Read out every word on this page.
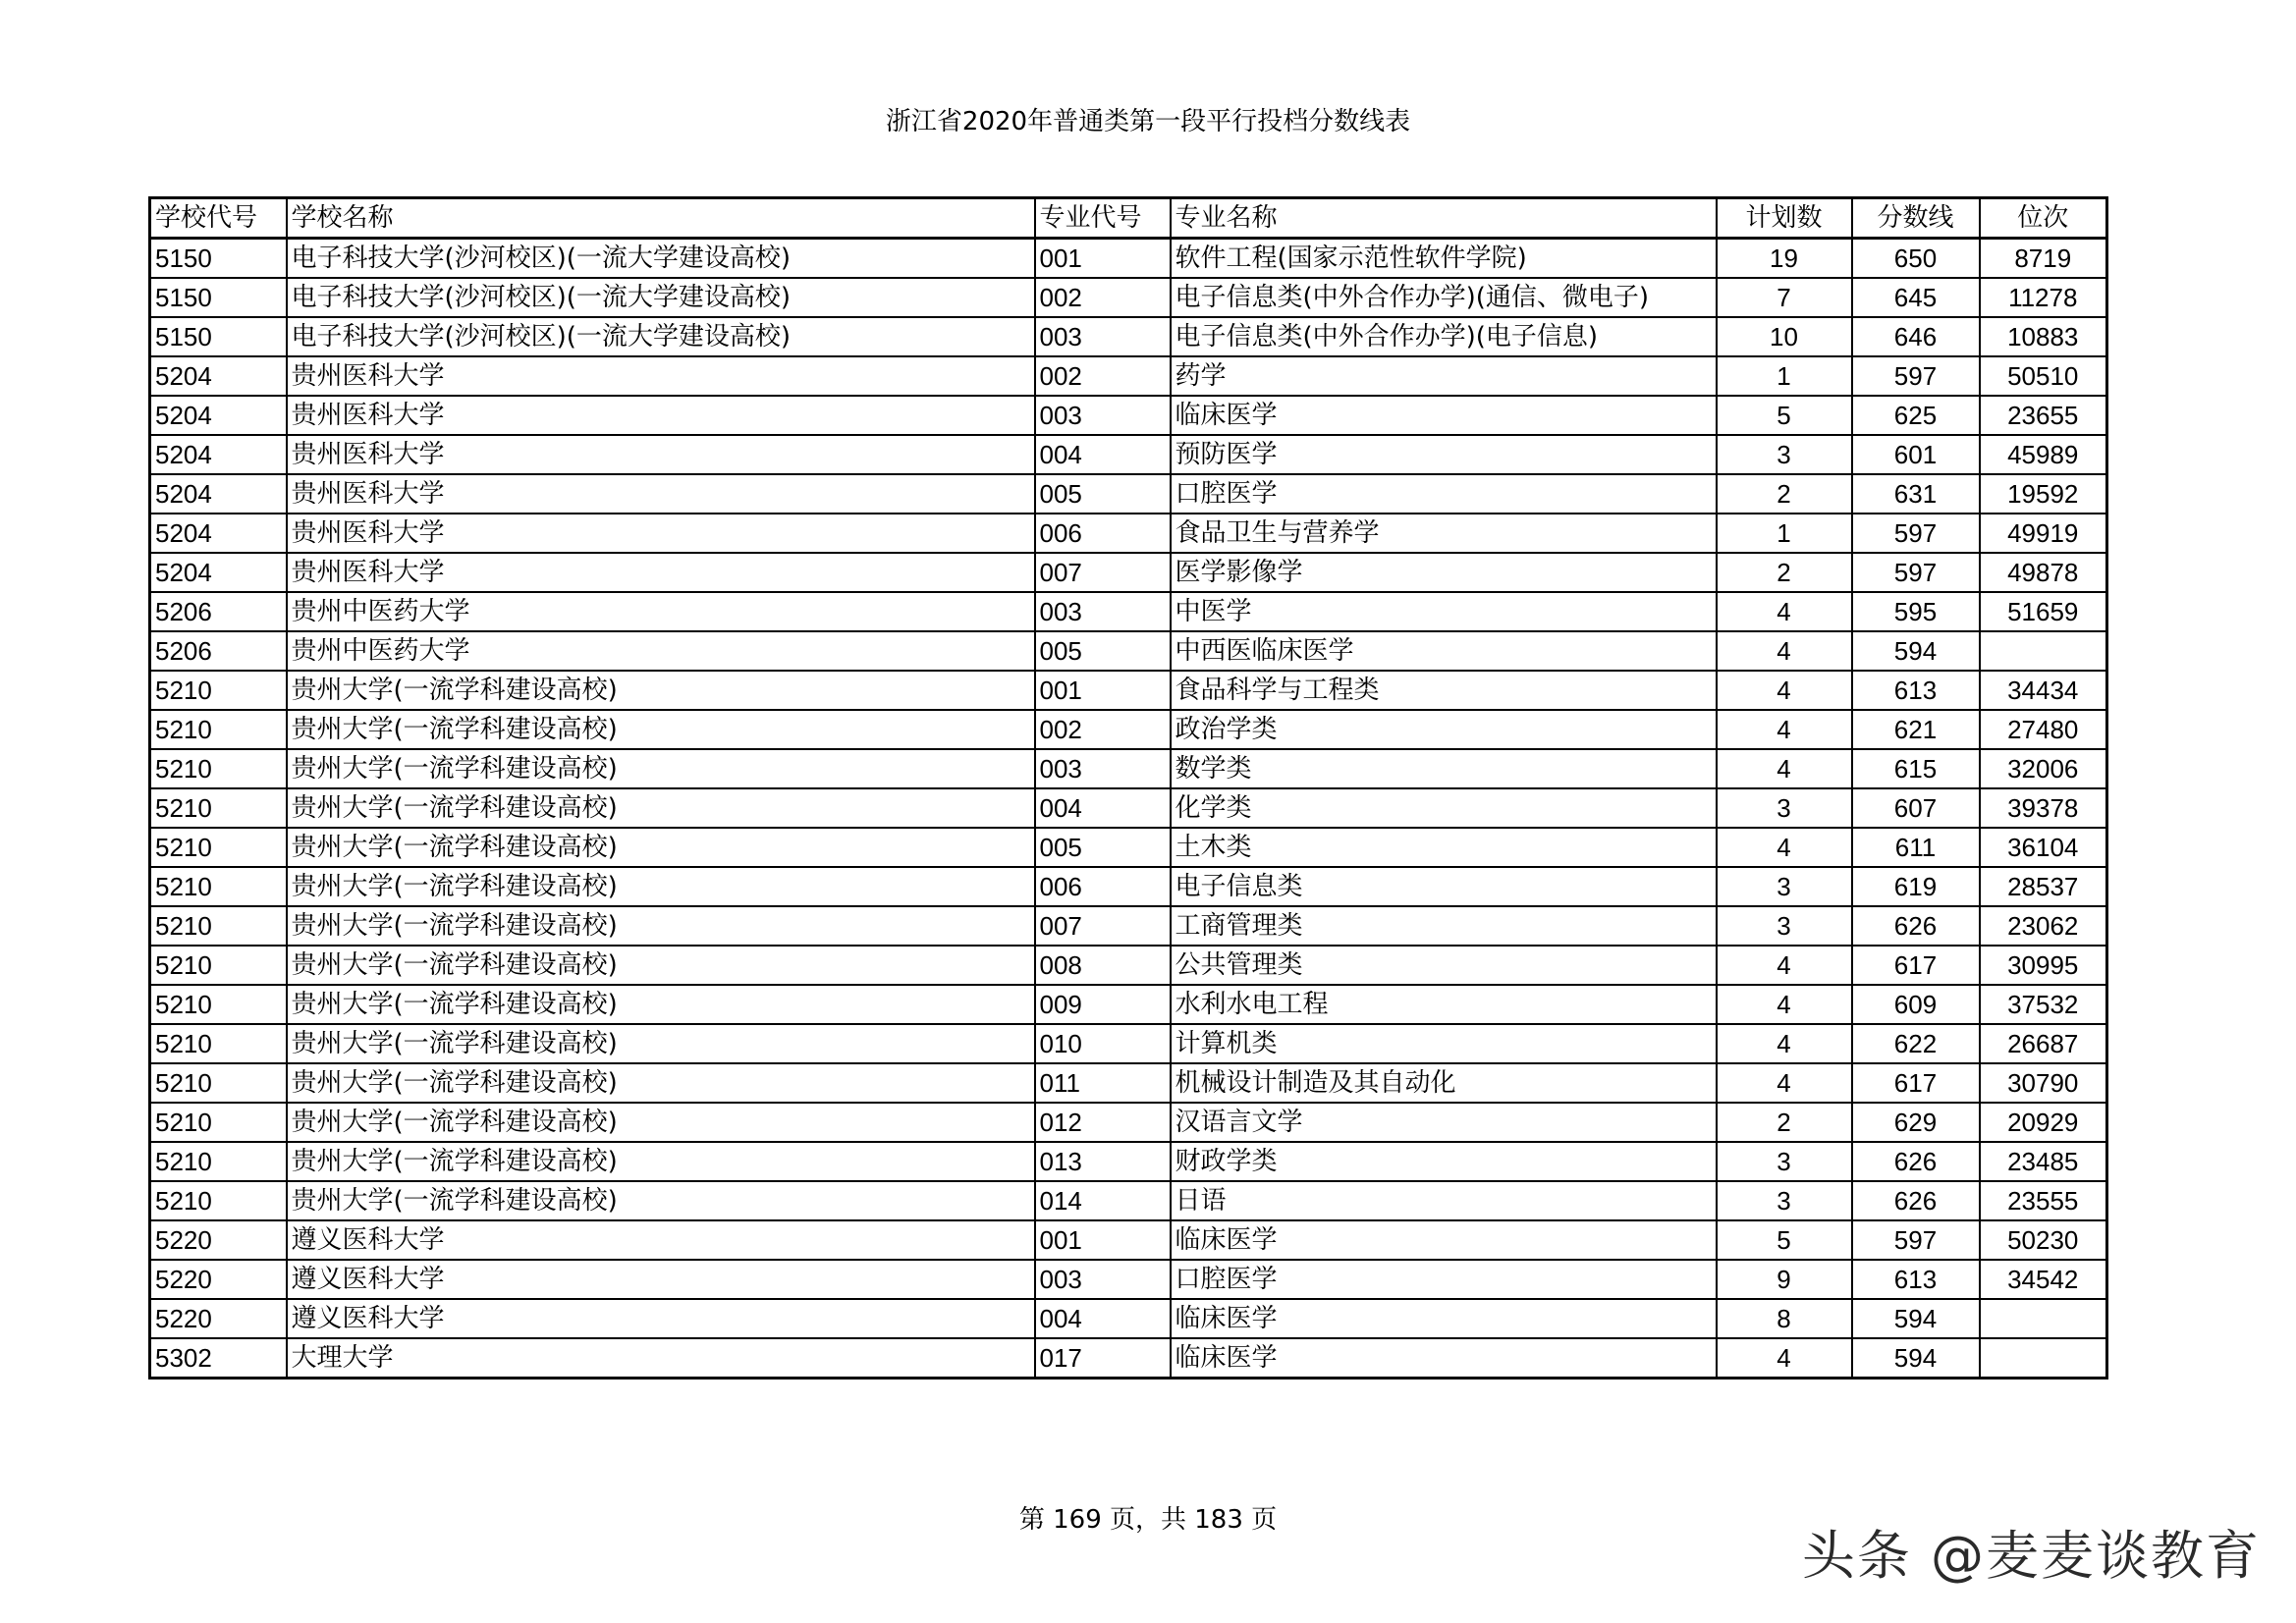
浙江省2020年普通类第一段平行投档分数线表
学校代号	学校名称	专业代号	专业名称	计划数	分数线	位次
5150	电子科技大学(沙河校区)(一流大学建设高校)	001	软件工程(国家示范性软件学院)	19	650	8719
5150	电子科技大学(沙河校区)(一流大学建设高校)	002	电子信息类(中外合作办学)(通信、微电子)	7	645	11278
5150	电子科技大学(沙河校区)(一流大学建设高校)	003	电子信息类(中外合作办学)(电子信息)	10	646	10883
5204	贵州医科大学	002	药学	1	597	50510
5204	贵州医科大学	003	临床医学	5	625	23655
5204	贵州医科大学	004	预防医学	3	601	45989
5204	贵州医科大学	005	口腔医学	2	631	19592
5204	贵州医科大学	006	食品卫生与营养学	1	597	49919
5204	贵州医科大学	007	医学影像学	2	597	49878
5206	贵州中医药大学	003	中医学	4	595	51659
5206	贵州中医药大学	005	中西医临床医学	4	594	
5210	贵州大学(一流学科建设高校)	001	食品科学与工程类	4	613	34434
5210	贵州大学(一流学科建设高校)	002	政治学类	4	621	27480
5210	贵州大学(一流学科建设高校)	003	数学类	4	615	32006
5210	贵州大学(一流学科建设高校)	004	化学类	3	607	39378
5210	贵州大学(一流学科建设高校)	005	土木类	4	611	36104
5210	贵州大学(一流学科建设高校)	006	电子信息类	3	619	28537
5210	贵州大学(一流学科建设高校)	007	工商管理类	3	626	23062
5210	贵州大学(一流学科建设高校)	008	公共管理类	4	617	30995
5210	贵州大学(一流学科建设高校)	009	水利水电工程	4	609	37532
5210	贵州大学(一流学科建设高校)	010	计算机类	4	622	26687
5210	贵州大学(一流学科建设高校)	011	机械设计制造及其自动化	4	617	30790
5210	贵州大学(一流学科建设高校)	012	汉语言文学	2	629	20929
5210	贵州大学(一流学科建设高校)	013	财政学类	3	626	23485
5210	贵州大学(一流学科建设高校)	014	日语	3	626	23555
5220	遵义医科大学	001	临床医学	5	597	50230
5220	遵义医科大学	003	口腔医学	9	613	34542
5220	遵义医科大学	004	临床医学	8	594	
5302	大理大学	017	临床医学	4	594	
第 169 页，共 183 页
头条 @麦麦谈教育
